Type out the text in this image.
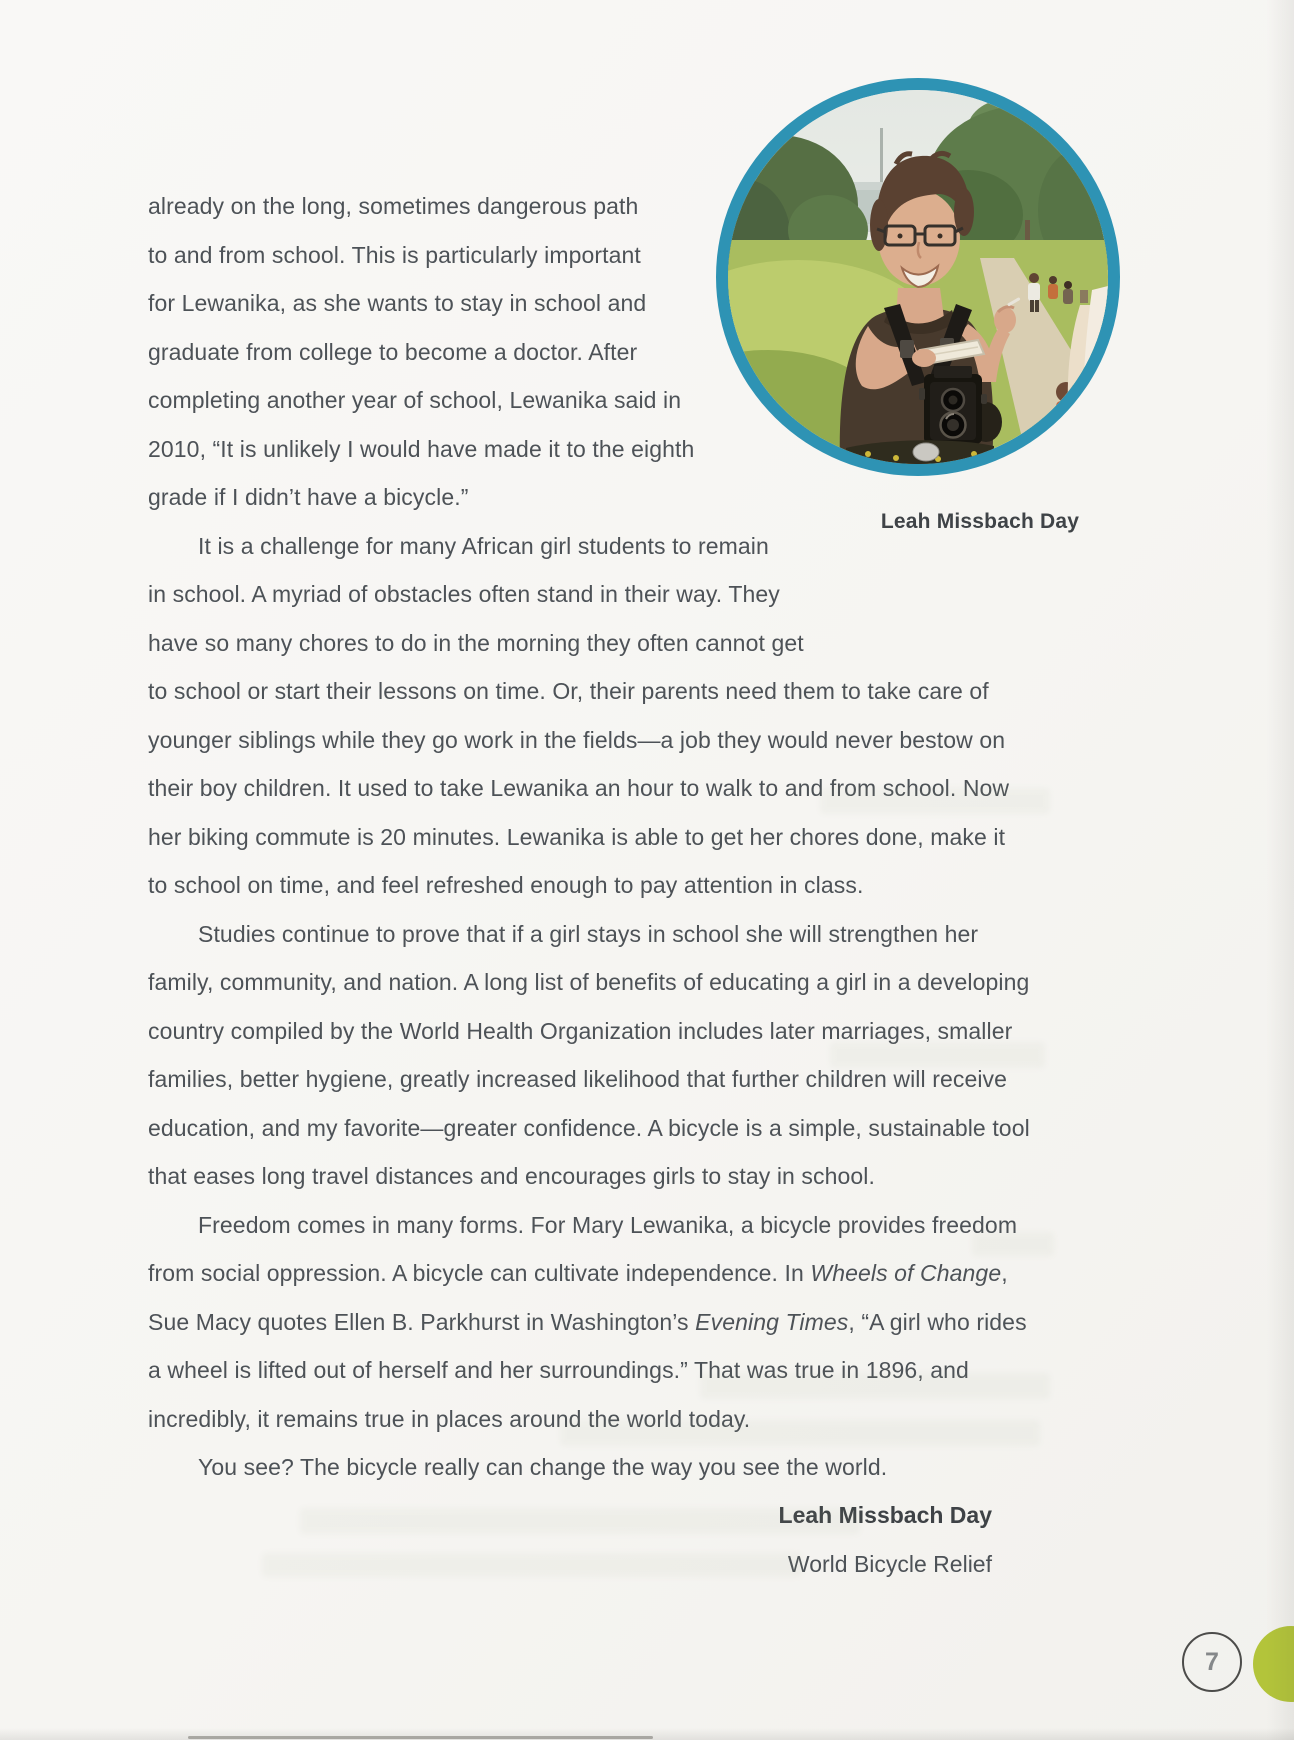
Leah Missbach Day
already on the long, sometimes dangerous path
to and from school. This is particularly important
for Lewanika, as she wants to stay in school and
graduate from college to become a doctor. After
completing another year of school, Lewanika said in
2010, “It is unlikely I would have made it to the eighth
grade if I didn’t have a bicycle.”
It is a challenge for many African girl students to remain
in school. A myriad of obstacles often stand in their way. They
have so many chores to do in the morning they often cannot get
to school or start their lessons on time. Or, their parents need them to take care of
younger siblings while they go work in the fields—a job they would never bestow on
their boy children. It used to take Lewanika an hour to walk to and from school. Now
her biking commute is 20 minutes. Lewanika is able to get her chores done, make it
to school on time, and feel refreshed enough to pay attention in class.
Studies continue to prove that if a girl stays in school she will strengthen her
family, community, and nation. A long list of benefits of educating a girl in a developing
country compiled by the World Health Organization includes later marriages, smaller
families, better hygiene, greatly increased likelihood that further children will receive
education, and my favorite—greater confidence. A bicycle is a simple, sustainable tool
that eases long travel distances and encourages girls to stay in school.
Freedom comes in many forms. For Mary Lewanika, a bicycle provides freedom
from social oppression. A bicycle can cultivate independence. In Wheels of Change,
Sue Macy quotes Ellen B. Parkhurst in Washington’s Evening Times, “A girl who rides
a wheel is lifted out of herself and her surroundings.” That was true in 1896, and
incredibly, it remains true in places around the world today.
You see? The bicycle really can change the way you see the world.
Leah Missbach Day
World Bicycle Relief
7
